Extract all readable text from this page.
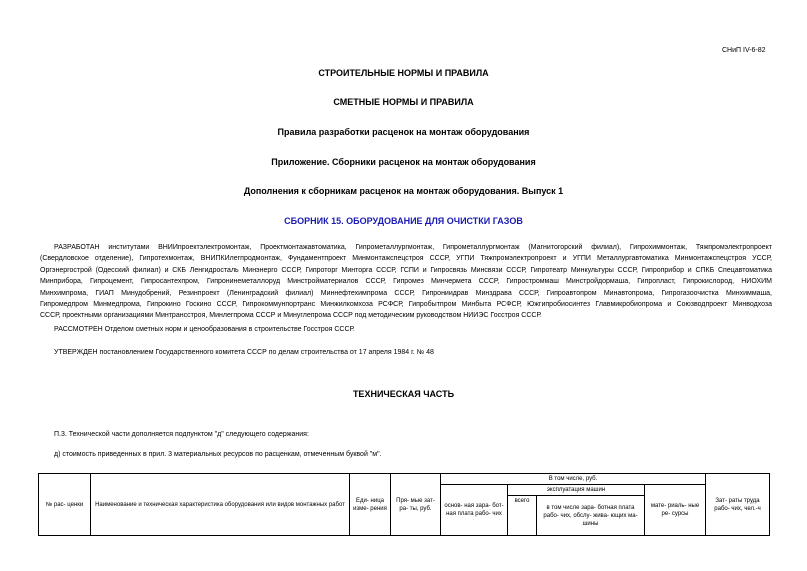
СНиП IV-6-82
СТРОИТЕЛЬНЫЕ НОРМЫ И ПРАВИЛА
СМЕТНЫЕ НОРМЫ И ПРАВИЛА
Правила разработки расценок на монтаж оборудования
Приложение. Сборники расценок на монтаж оборудования
Дополнения к сборникам расценок на монтаж оборудования. Выпуск 1
СБОРНИК 15. ОБОРУДОВАНИЕ ДЛЯ ОЧИСТКИ ГАЗОВ
РАЗРАБОТАН институтами ВНИИпроектэлектромонтаж, Проектмонтажавтоматика, Гипрометаллургмонтаж, Гипрометаллургмонтаж (Магнитогорский филиал), Гипрохиммонтаж, Тяжпромэлектропроект
(Свердловское отделение), Гипротехмонтаж, ВНИПКИлегпродмонтаж, Фундаментпроект Минмонтажспецстроя СССР, УГПИ Тяжпромэлектропроект и УГПИ Металлургавтоматика Минмонтажспецстроя УССР,
Оргэнергострой (Одесский филиал) и СКБ Ленгидросталь Минэнерго СССР, Гипроторг Минторга СССР, ГСПИ и Гипросвязь Минсвязи СССР, Гипротеатр Минкультуры СССР, Гипроприбор и СПКБ Спецавтоматика
Минприбора, Гипроцемент, Гипросантехпром, Гипронинеметаллоруд Минстройматериалов СССР, Гипромез Минчермета СССР, Гипростроммаш Минстройдормаша, Гипропласт, Гипрокислород, НИОХИМ
Минхимпрома, ГИАП Минудобрений, Резинпроект (Ленинградский филиал) Миннефтехимпрома СССР, Гипрониидрав Минздрава СССР, Гипроавтопром Минавтопрома, Гипрогазоочистка Минхиммаша,
Гипромедпром Минмедпрома, Гипрокино Госкино СССР, Гипрокоммунпортранс Минжилкомхоза РСФСР, Гипробытпром Минбыта РСФСР, Южгипробиосинтез Главмикробиопрома и Союзводпроект Минводхоза
СССР, проектными организациями Минтрансстроя, Минлегпрома СССР и Минуглепрома СССР под методическим руководством НИИЭС Госстроя СССР.
РАССМОТРЕН Отделом сметных норм и ценообразования в строительстве Госстроя СССР.
УТВЕРЖДЕН постановлением Государственного комитета СССР по делам строительства от 17 апреля 1984 г. № 48
ТЕХНИЧЕСКАЯ ЧАСТЬ
П.3. Технической части дополняется подпунктом "д" следующего содержания:
д) стоимость приведенных в прил. 3 материальных ресурсов по расценкам, отмеченным буквой "м".
№ рас- ценки	Наименование и техническая характеристика оборудования или видов монтажных работ	Еди- ница изме- рения	Пря- мые зат- ра- ты, руб.	В том числе, руб.				Зат- раты труда рабо- чих, чел.-ч
				основ- ная зара- бот- ная плата рабо- чих	эксплуатация машин		мате- риаль- ные ре- сурсы	
					всего	в том числе зара- ботная плата рабо- чих, обслу- жива- ющих ма- шины		
